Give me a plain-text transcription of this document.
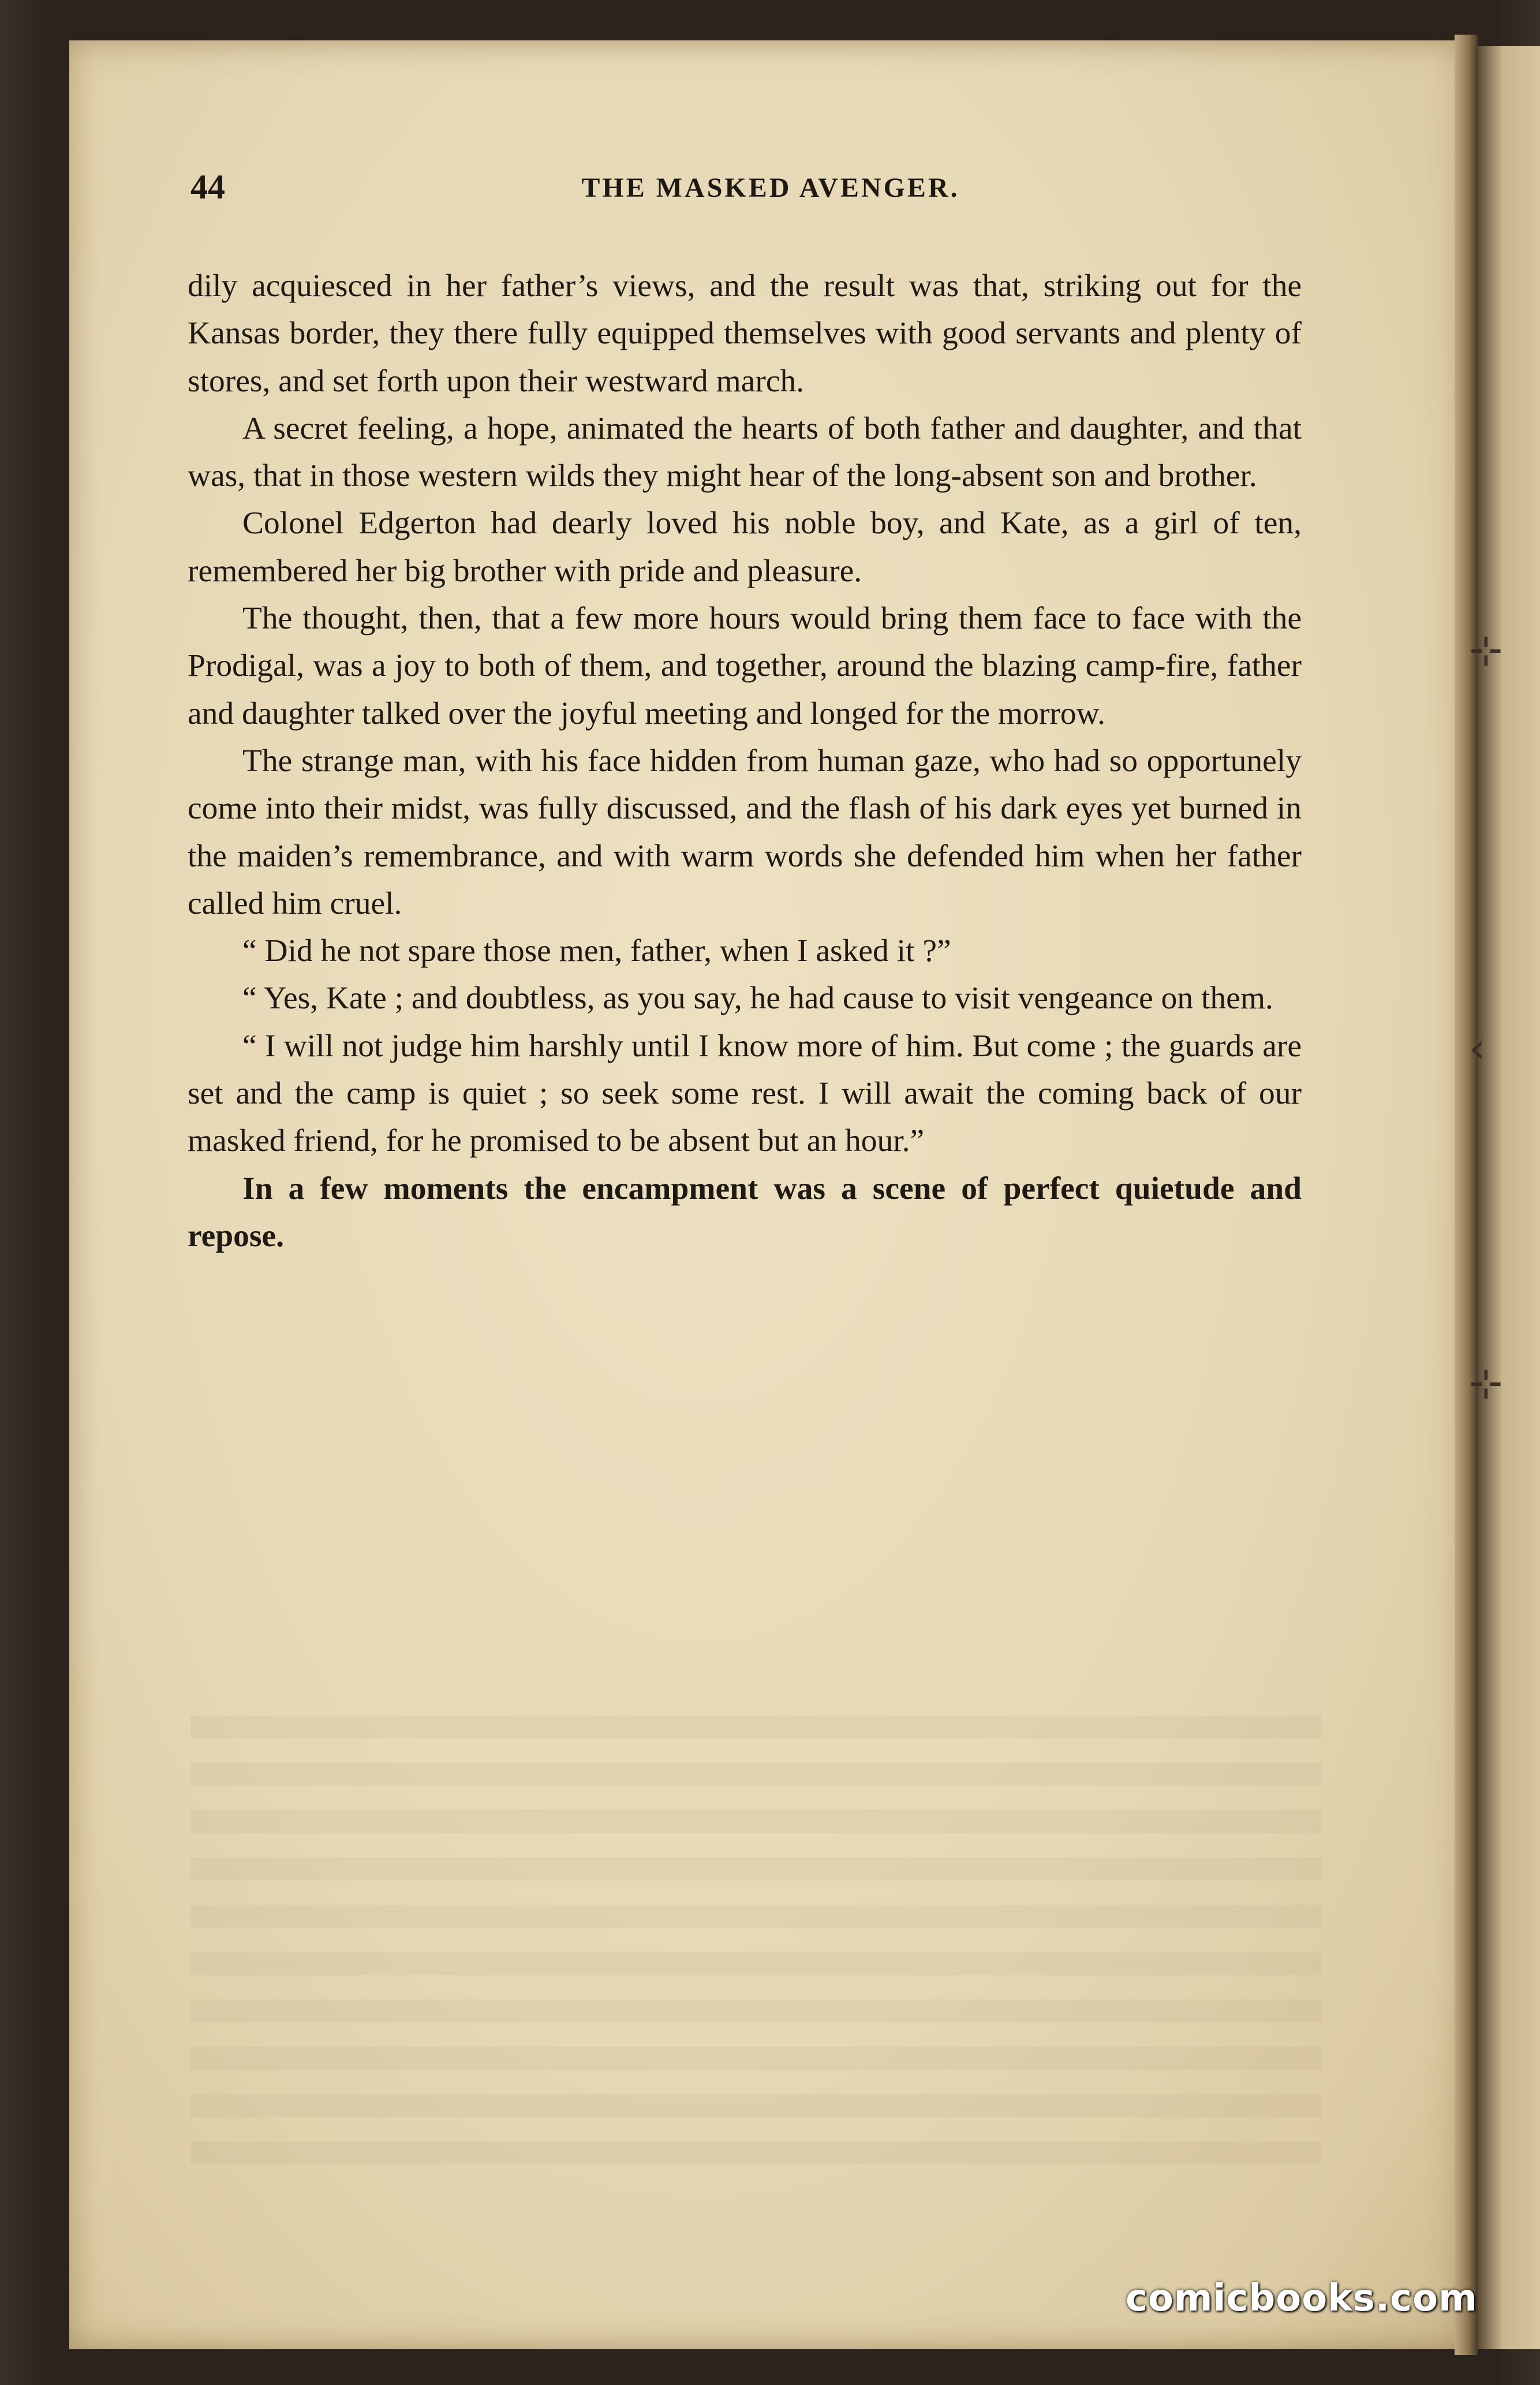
⊹
‹
⊹
44	THE MASKED AVENGER.

dily acquiesced in her father’s views, and the result was that, striking out for the Kansas border, they there fully equipped themselves with good servants and plenty of stores, and set forth upon their westward march.

A secret feeling, a hope, animated the hearts of both father and daughter, and that was, that in those western wilds they might hear of the long-absent son and brother.

Colonel Edgerton had dearly loved his noble boy, and Kate, as a girl of ten, remembered her big brother with pride and pleasure.

The thought, then, that a few more hours would bring them face to face with the Prodigal, was a joy to both of them, and together, around the blazing camp-fire, father and daughter talked over the joyful meeting and longed for the morrow.

The strange man, with his face hidden from human gaze, who had so opportunely come into their midst, was fully discussed, and the flash of his dark eyes yet burned in the maiden’s remembrance, and with warm words she defended him when her father called him cruel.

“ Did he not spare those men, father, when I asked it ?”

“ Yes, Kate ; and doubtless, as you say, he had cause to visit vengeance on them.

“ I will not judge him harshly until I know more of him. But come ; the guards are set and the camp is quiet ; so seek some rest. I will await the coming back of our masked friend, for he promised to be absent but an hour.”

In a few moments the encampment was a scene of perfect quietude and repose.

comicbooks.com
